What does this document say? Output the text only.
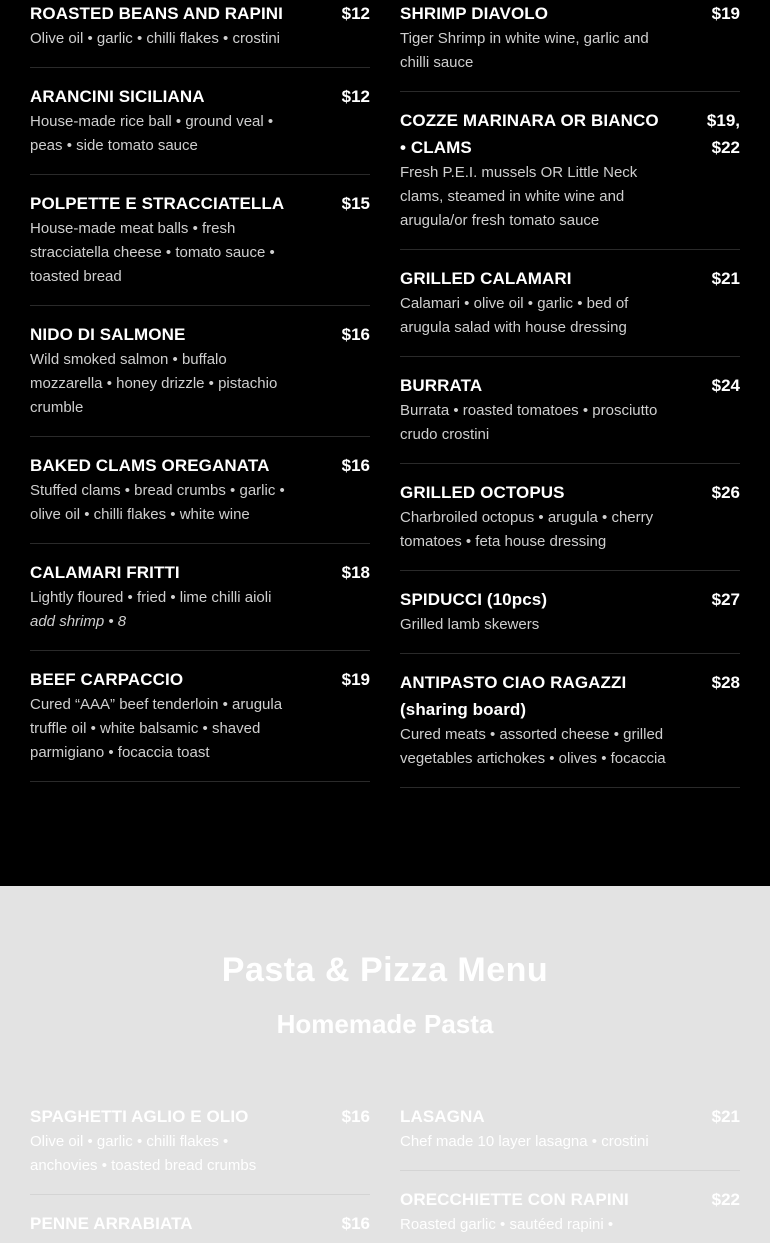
ROASTED BEANS AND RAPINI	$12
Olive oil • garlic • chilli flakes • crostini
ARANCINI SICILIANA	$12
House-made rice ball • ground veal • peas • side tomato sauce
POLPETTE E STRACCIATELLA	$15
House-made meat balls • fresh stracciatella cheese • tomato sauce • toasted bread
NIDO DI SALMONE	$16
Wild smoked salmon • buffalo mozzarella • honey drizzle • pistachio crumble
BAKED CLAMS OREGANATA	$16
Stuffed clams • bread crumbs • garlic • olive oil • chilli flakes • white wine
CALAMARI FRITTI	$18
Lightly floured • fried • lime chilli aioli
add shrimp • 8
BEEF CARPACCIO	$19
Cured “AAA” beef tenderloin • arugula truffle oil • white balsamic • shaved parmigiano • focaccia toast
SHRIMP DIAVOLO	$19
Tiger Shrimp in white wine, garlic and chilli sauce
COZZE MARINARA OR BIANCO • CLAMS
$19, $22
Fresh P.E.I. mussels OR Little Neck clams, steamed in white wine and arugula/or fresh tomato sauce
GRILLED CALAMARI	$21
Calamari • olive oil • garlic • bed of arugula salad with house dressing
BURRATA	$24
Burrata • roasted tomatoes • prosciutto crudo crostini
GRILLED OCTOPUS	$26
Charbroiled octopus • arugula • cherry tomatoes • feta house dressing
SPIDUCCI (10pcs)	$27
Grilled lamb skewers
ANTIPASTO CIAO RAGAZZI (sharing board)
$28
Cured meats • assorted cheese • grilled vegetables artichokes • olives • focaccia
Pasta & Pizza Menu
Homemade Pasta
SPAGHETTI AGLIO E OLIO	$16
Olive oil • garlic • chilli flakes • anchovies • toasted bread crumbs
PENNE ARRABIATA	$16
LASAGNA	$21
Chef made 10 layer lasagna • crostini
ORECCHIETTE CON RAPINI	$22
Roasted garlic • sautéed rapini •
